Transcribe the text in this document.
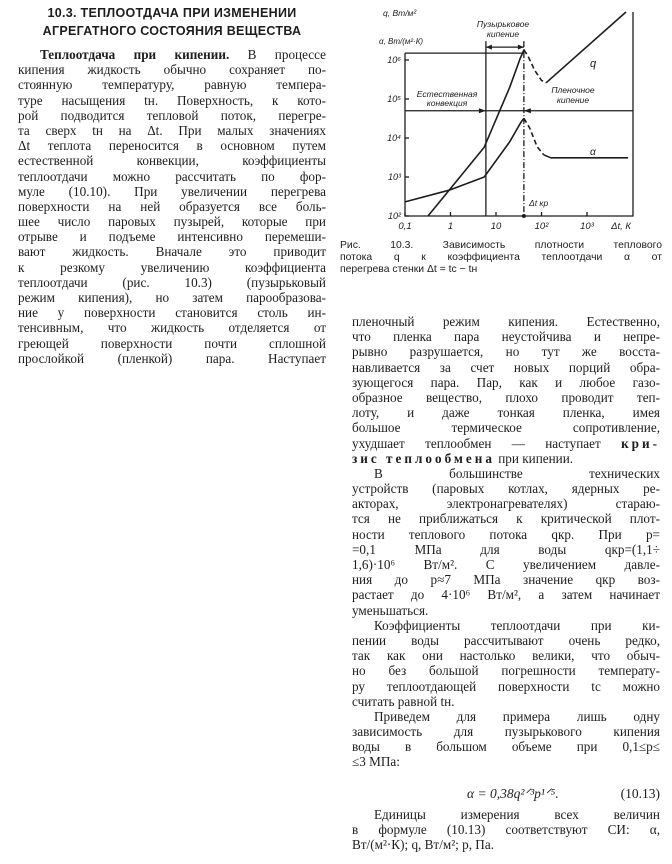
10.3. ТЕПЛООТДАЧА ПРИ ИЗМЕНЕНИИ
АГРЕГАТНОГО СОСТОЯНИЯ ВЕЩЕСТВА
Теплоотдача при кипении. В процессе
кипения жидкость обычно сохраняет по-
стоянную температуру, равную темпера-
туре насыщения tн. Поверхность, к кото-
рой подводится тепловой поток, перегре-
та сверх tн на Δt. При малых значениях
Δt теплота переносится в основном путем
естественной конвекции, коэффициенты
теплоотдачи можно рассчитать по фор-
муле (10.10). При увеличении перегрева
поверхности на ней образуется все боль-
шее число паровых пузырей, которые при
отрыве и подъеме интенсивно перемеши-
вают жидкость. Вначале это приводит
к резкому увеличению коэффициента
теплоотдачи (рис. 10.3) (пузырьковый
режим кипения), но затем парообразова-
ние у поверхности становится столь ин-
тенсивным, что жидкость отделяется от
греющей поверхности почти сплошной
прослойкой (пленкой) пара. Наступает
0,1	1	10	10²	10³
10²
10³
10⁴
10⁵
10⁶
Δt, К
q, Вт/м²
α, Вт/(м²·К)
Естественная
конвекция
Пузырьковое
кипение
Пленочное
кипение
Δt кр
q
α
Рис. 10.3. Зависимость плотности теплового
потока q к коэффициента теплоотдачи α от
перегрева стенки Δt = tс − tн
пленочный режим кипения. Естественно,
что пленка пара неустойчива и непре-
рывно разрушается, но тут же восста-
навливается за счет новых порций обра-
зующегося пара. Пар, как и любое газо-
образное вещество, плохо проводит теп-
лоту, и даже тонкая пленка, имея
большое термическое сопротивление,
ухудшает теплообмен — наступает кри-
зис теплообмена при кипении.
В большинстве технических
устройств (паровых котлах, ядерных ре-
акторах, электронагревателях) стараю-
тся не приближаться к критической плот-
ности теплового потока qкр. При p=
=0,1 МПа для воды qкр=(1,1÷
1,6)·10⁶ Вт/м². С увеличением давле-
ния до p≈7 МПа значение qкр воз-
растает до 4·10⁶ Вт/м², а затем начинает
уменьшаться.
Коэффициенты теплоотдачи при ки-
пении воды рассчитывают очень редко,
так как они настолько велики, что обыч-
но без большой погрешности температу-
ру теплоотдающей поверхности tс можно
считать равной tн.
Приведем для примера лишь одну
зависимость для пузырькового кипения
воды в большом объеме при 0,1≤p≤
≤3 МПа:
α = 0,38q²ᐟ³p¹ᐟ⁵.	(10.13)
Единицы измерения всех величин
в формуле (10.13) соответствуют СИ: α,
Вт/(м²·К); q, Вт/м²; p, Па.
